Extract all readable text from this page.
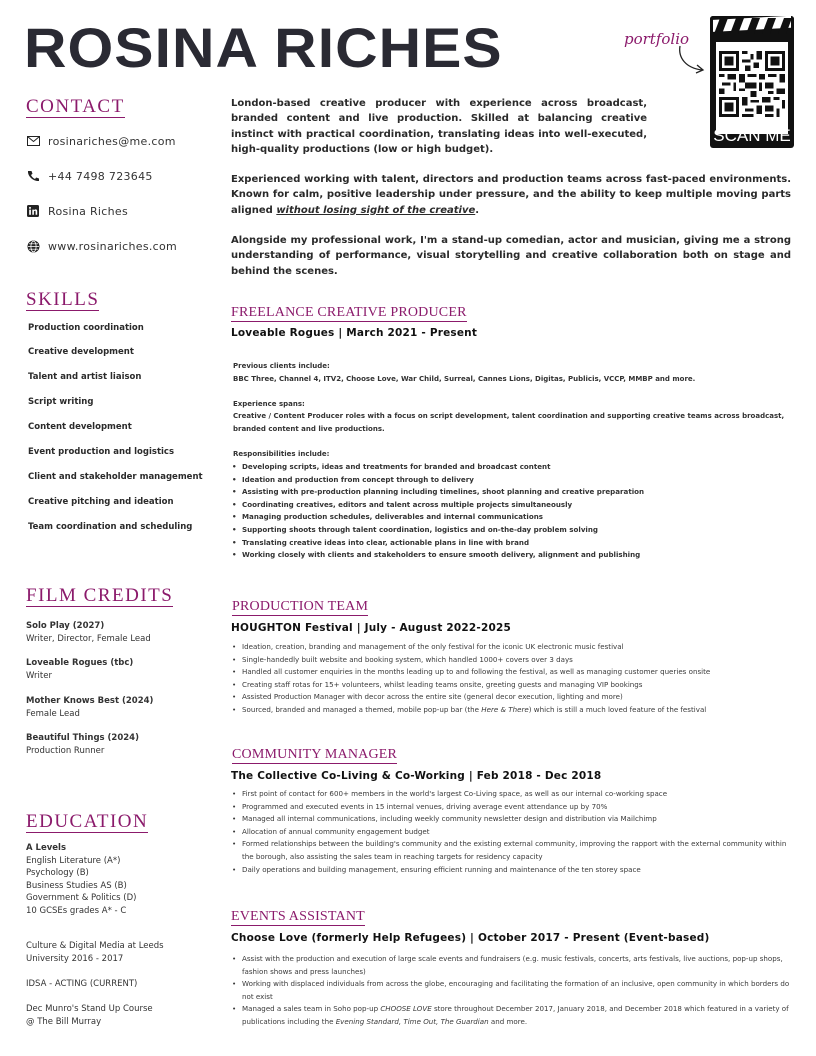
ROSINA RICHES	portfolio
SCAN ME
CONTACT
rosinariches@me.com
+44 7498 723645
Rosina Riches
www.rosinariches.com
SKILLS
Production coordination
Creative development
Talent and artist liaison
Script writing
Content development
Event production and logistics
Client and stakeholder management
Creative pitching and ideation
Team coordination and scheduling
FILM CREDITS
Solo Play (2027)
Writer, Director, Female Lead
Loveable Rogues (tbc)
Writer
Mother Knows Best (2024)
Female Lead
Beautiful Things (2024)
Production Runner
EDUCATION
A Levels
English Literature (A*)
Psychology (B)
Business Studies AS (B)
Government & Politics (D)
10 GCSEs grades A* - C
Culture & Digital Media at Leeds
University 2016 - 2017
IDSA - ACTING (CURRENT)
Dec Munro's Stand Up Course
@ The Bill Murray
London-based creative producer with experience across broadcast, branded content and live production. Skilled at balancing creative instinct with practical coordination, translating ideas into well-executed, high-quality productions (low or high budget).
Experienced working with talent, directors and production teams across fast-paced environments. Known for calm, positive leadership under pressure, and the ability to keep multiple moving parts aligned without losing sight of the creative.
Alongside my professional work, I'm a stand-up comedian, actor and musician, giving me a strong understanding of performance, visual storytelling and creative collaboration both on stage and behind the scenes.
FREELANCE CREATIVE PRODUCER
Loveable Rogues | March 2021 - Present
Previous clients include:
BBC Three, Channel 4, ITV2, Choose Love, War Child, Surreal, Cannes Lions, Digitas, Publicis, VCCP, MMBP and more.
Experience spans:
Creative / Content Producer roles with a focus on script development, talent coordination and supporting creative teams across broadcast, branded content and live productions.
Responsibilities include:
• Developing scripts, ideas and treatments for branded and broadcast content
• Ideation and production from concept through to delivery
• Assisting with pre-production planning including timelines, shoot planning and creative preparation
• Coordinating creatives, editors and talent across multiple projects simultaneously
• Managing production schedules, deliverables and internal communications
• Supporting shoots through talent coordination, logistics and on-the-day problem solving
• Translating creative ideas into clear, actionable plans in line with brand
• Working closely with clients and stakeholders to ensure smooth delivery, alignment and publishing
PRODUCTION TEAM
HOUGHTON Festival | July - August 2022-2025
• Ideation, creation, branding and management of the only festival for the iconic UK electronic music festival
• Single-handedly built website and booking system, which handled 1000+ covers over 3 days
• Handled all customer enquiries in the months leading up to and following the festival, as well as managing customer queries onsite
• Creating staff rotas for 15+ volunteers, whilst leading teams onsite, greeting guests and managing VIP bookings
• Assisted Production Manager with decor across the entire site (general decor execution, lighting and more)
• Sourced, branded and managed a themed, mobile pop-up bar (the Here & There) which is still a much loved feature of the festival
COMMUNITY MANAGER
The Collective Co-Living & Co-Working | Feb 2018 - Dec 2018
• First point of contact for 600+ members in the world's largest Co-Living space, as well as our internal co-working space
• Programmed and executed events in 15 internal venues, driving average event attendance up by 70%
• Managed all internal communications, including weekly community newsletter design and distribution via Mailchimp
• Allocation of annual community engagement budget
• Formed relationships between the building's community and the existing external community, improving the rapport with the external community within the borough, also assisting the sales team in reaching targets for residency capacity
• Daily operations and building management, ensuring efficient running and maintenance of the ten storey space
EVENTS ASSISTANT
Choose Love (formerly Help Refugees) | October 2017 - Present (Event-based)
• Assist with the production and execution of large scale events and fundraisers (e.g. music festivals, concerts, arts festivals, live auctions, pop-up shops, fashion shows and press launches)
• Working with displaced individuals from across the globe, encouraging and facilitating the formation of an inclusive, open community in which borders do not exist
• Managed a sales team in Soho pop-up CHOOSE LOVE store throughout December 2017, January 2018, and December 2018 which featured in a variety of publications including the Evening Standard, Time Out, The Guardian and more.
